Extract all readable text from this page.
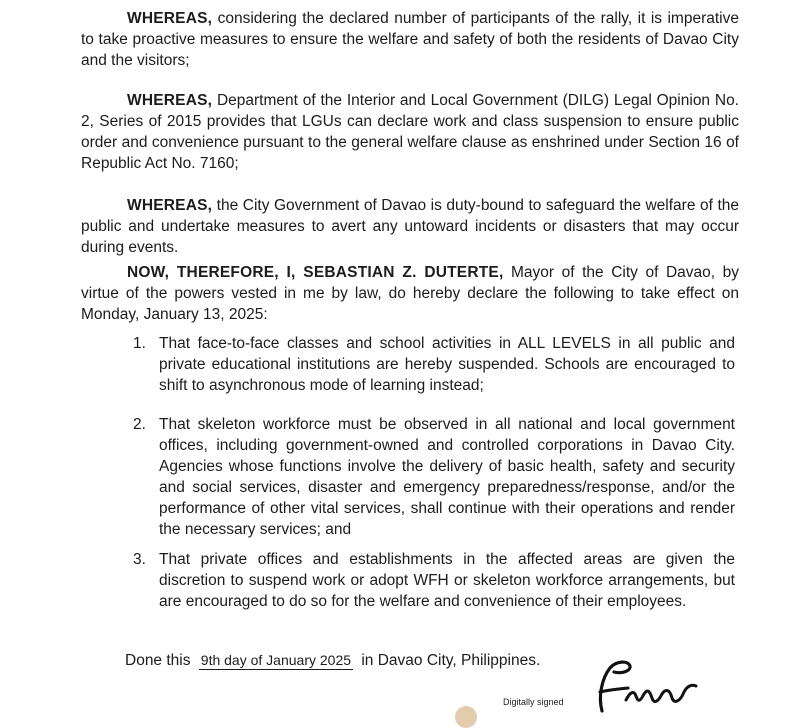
WHEREAS, considering the declared number of participants of the rally, it is imperative to take proactive measures to ensure the welfare and safety of both the residents of Davao City and the visitors;

WHEREAS, Department of the Interior and Local Government (DILG) Legal Opinion No. 2, Series of 2015 provides that LGUs can declare work and class suspension to ensure public order and convenience pursuant to the general welfare clause as enshrined under Section 16 of Republic Act No. 7160;

WHEREAS, the City Government of Davao is duty-bound to safeguard the welfare of the public and undertake measures to avert any untoward incidents or disasters that may occur during events.

NOW, THEREFORE, I, SEBASTIAN Z. DUTERTE, Mayor of the City of Davao, by virtue of the powers vested in me by law, do hereby declare the following to take effect on Monday, January 13, 2025:

1. That face-to-face classes and school activities in ALL LEVELS in all public and private educational institutions are hereby suspended. Schools are encouraged to shift to asynchronous mode of learning instead;

2. That skeleton workforce must be observed in all national and local government offices, including government-owned and controlled corporations in Davao City. Agencies whose functions involve the delivery of basic health, safety and security and social services, disaster and emergency preparedness/response, and/or the performance of other vital services, shall continue with their operations and render the necessary services; and

3. That private offices and establishments in the affected areas are given the discretion to suspend work or adopt WFH or skeleton workforce arrangements, but are encouraged to do so for the welfare and convenience of their employees.

Done this 9th day of January 2025 in Davao City, Philippines.
Digitally signed
